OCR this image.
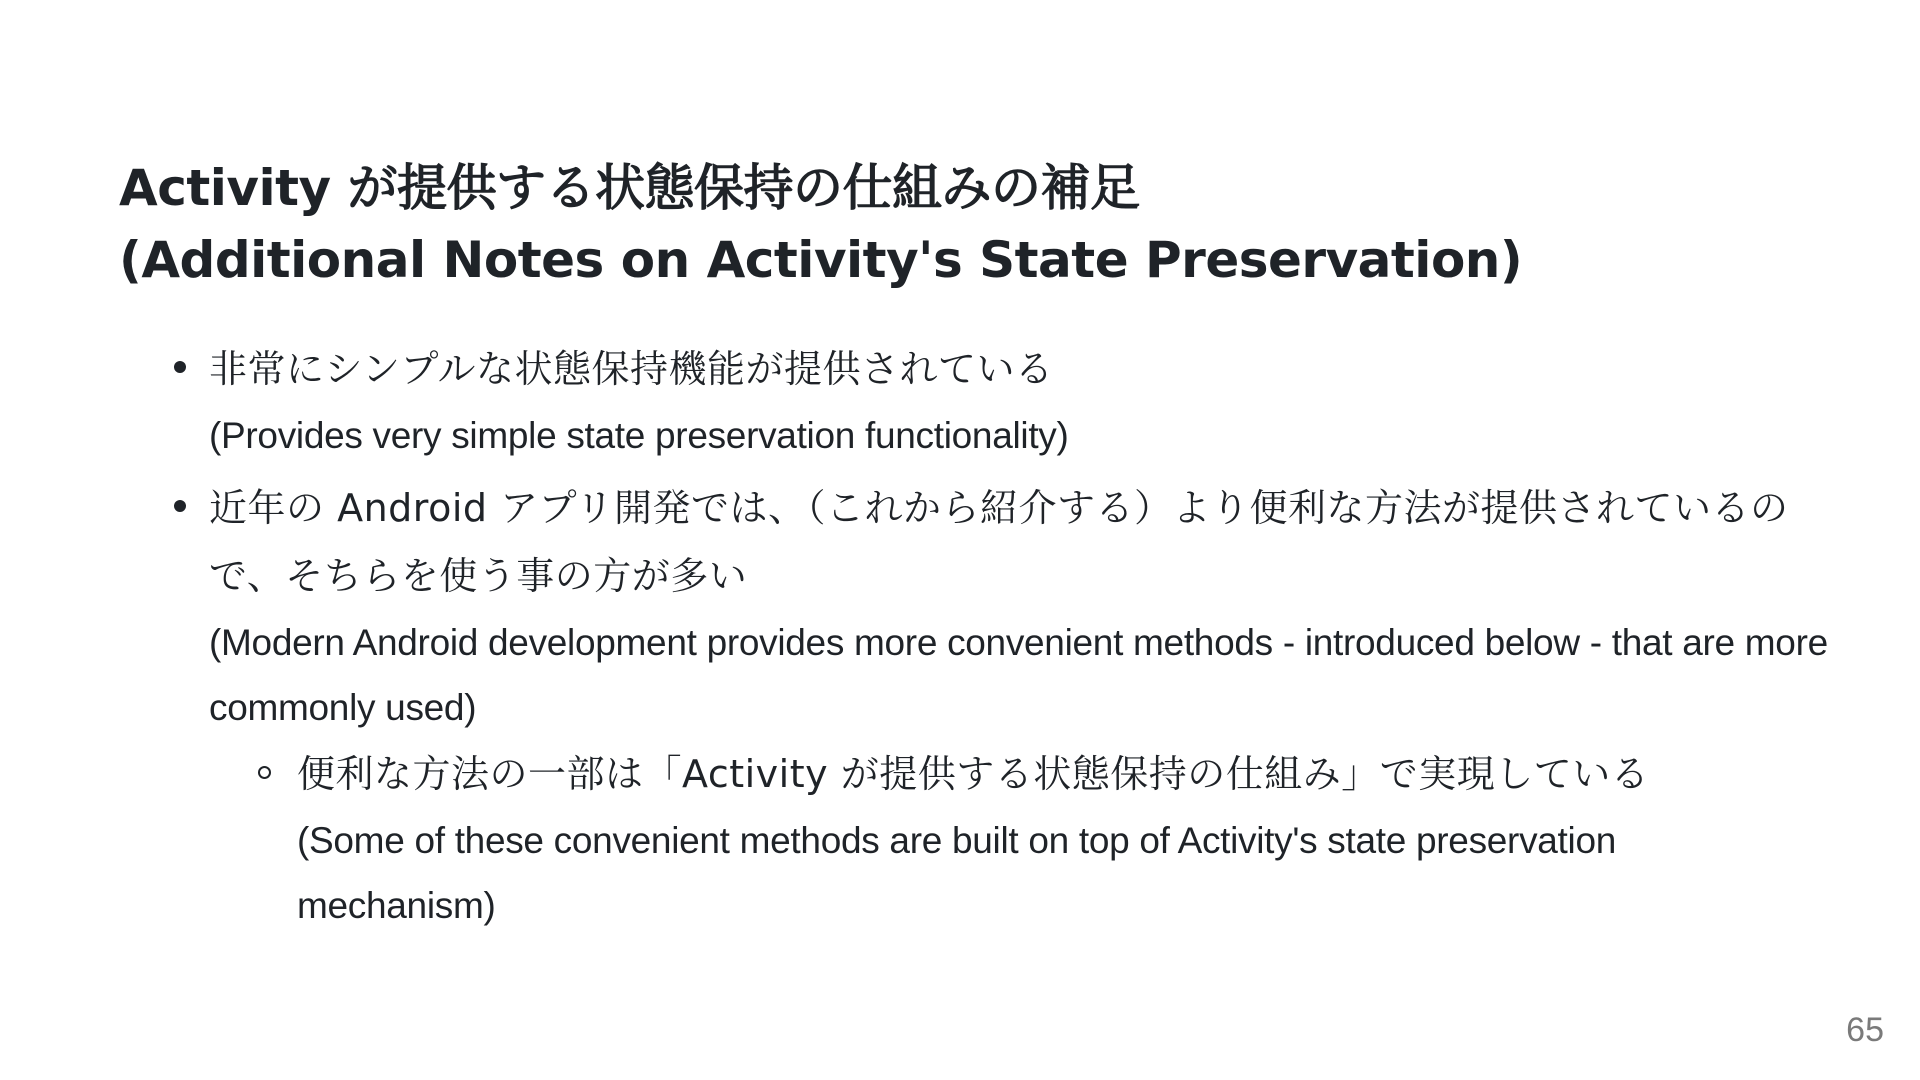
Activity が提供する状態保持の仕組みの補足
(Additional Notes on Activity's State Preservation)
非常にシンプルな状態保持機能が提供されている
(Provides very simple state preservation functionality)
近年の Android アプリ開発では、（これから紹介する）より便利な方法が提供されているので、そちらを使う事の方が多い
(Modern Android development provides more convenient methods - introduced below - that are more commonly used)
便利な方法の一部は「Activity が提供する状態保持の仕組み」で実現している
(Some of these convenient methods are built on top of Activity's state preservation mechanism)
65
